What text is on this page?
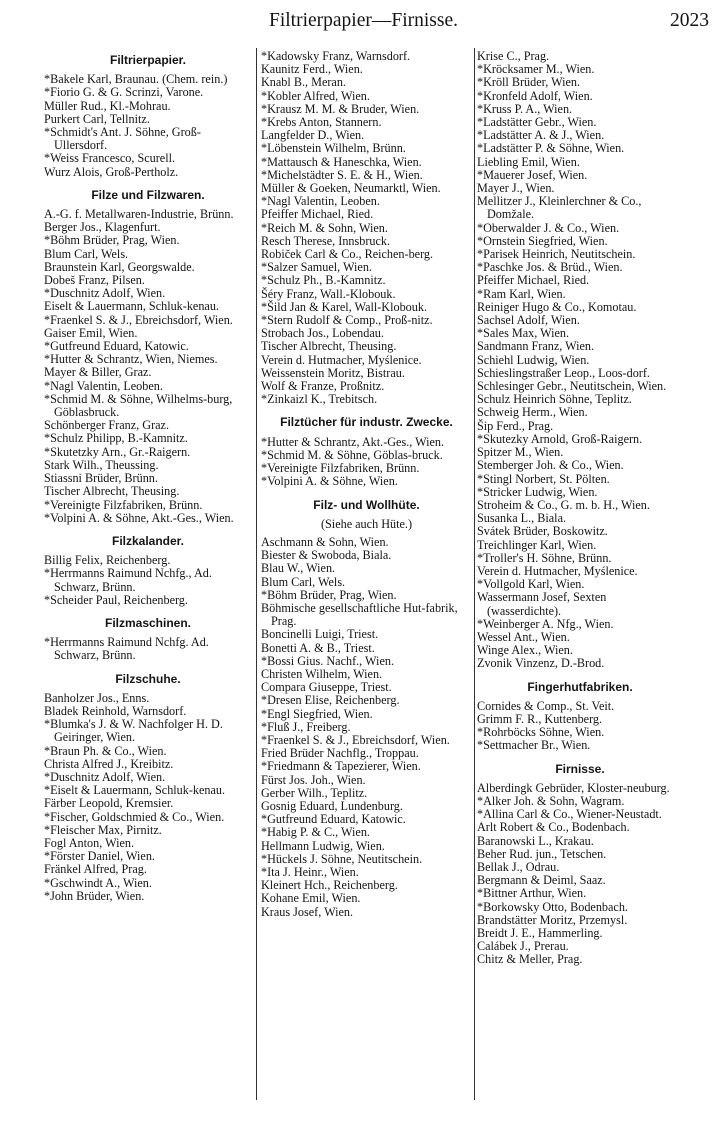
Filtrierpapier—Firnisse.	2023

Filtrierpapier.

*Bakele Karl, Braunau. (Chem. rein.)

*Fiorio G. & G. Scrinzi, Varone.

Müller Rud., Kl.-Mohrau.

Purkert Carl, Tellnitz.

*Schmidt's Ant. J. Söhne, Groß-Ullersdorf.

*Weiss Francesco, Scurell.

Wurz Alois, Groß-Pertholz.

Filze und Filzwaren.

A.-G. f. Metallwaren-Industrie, Brünn.

Berger Jos., Klagenfurt.

*Böhm Brüder, Prag, Wien.

Blum Carl, Wels.

Braunstein Karl, Georgswalde.

Dobeš Franz, Pilsen.

*Duschnitz Adolf, Wien.

Eiselt & Lauermann, Schluk-kenau.

*Fraenkel S. & J., Ebreichsdorf, Wien.

Gaiser Emil, Wien.

*Gutfreund Eduard, Katowic.

*Hutter & Schrantz, Wien, Niemes.

Mayer & Biller, Graz.

*Nagl Valentin, Leoben.

*Schmid M. & Söhne, Wilhelms-burg, Göblasbruck.

Schönberger Franz, Graz.

*Schulz Philipp, B.-Kamnitz.

*Skutetzky Arn., Gr.-Raigern.

Stark Wilh., Theussing.

Stiassni Brüder, Brünn.

Tischer Albrecht, Theusing.

*Vereinigte Filzfabriken, Brünn.

*Volpini A. & Söhne, Akt.-Ges., Wien.

Filzkalander.

Billig Felix, Reichenberg.

*Herrmanns Raimund Nchfg., Ad. Schwarz, Brünn.

*Scheider Paul, Reichenberg.

Filzmaschinen.

*Herrmanns Raimund Nchfg. Ad. Schwarz, Brünn.

Filzschuhe.

Banholzer Jos., Enns.

Bladek Reinhold, Warnsdorf.

*Blumka's J. & W. Nachfolger H. D. Geiringer, Wien.

*Braun Ph. & Co., Wien.

Christa Alfred J., Kreibitz.

*Duschnitz Adolf, Wien.

*Eiselt & Lauermann, Schluk-kenau.

Färber Leopold, Kremsier.

*Fischer, Goldschmied & Co., Wien.

*Fleischer Max, Pirnitz.

Fogl Anton, Wien.

*Förster Daniel, Wien.

Fränkel Alfred, Prag.

*Gschwindt A., Wien.

*John Brüder, Wien.

*Kadowsky Franz, Warnsdorf.

Kaunitz Ferd., Wien.

Knabl B., Meran.

*Kobler Alfred, Wien.

*Krausz M. M. & Bruder, Wien.

*Krebs Anton, Stannern.

Langfelder D., Wien.

*Löbenstein Wilhelm, Brünn.

*Mattausch & Haneschka, Wien.

*Michelstädter S. E. & H., Wien.

Müller & Goeken, Neumarktl, Wien.

*Nagl Valentin, Leoben.

Pfeiffer Michael, Ried.

*Reich M. & Sohn, Wien.

Resch Therese, Innsbruck.

Robiček Carl & Co., Reichen-berg.

*Salzer Samuel, Wien.

*Schulz Ph., B.-Kamnitz.

Šéry Franz, Wall.-Klobouk.

*Šild Jan & Karel, Wall-Klobouk.

*Stern Rudolf & Comp., Proß-nitz.

Strobach Jos., Lobendau.

Tischer Albrecht, Theusing.

Verein d. Hutmacher, Myślenice.

Weissenstein Moritz, Bistrau.

Wolf & Franze, Proßnitz.

*Zinkaizl K., Trebitsch.

Filztücher für industr. Zwecke.

*Hutter & Schrantz, Akt.-Ges., Wien.

*Schmid M. & Söhne, Göblas-bruck.

*Vereinigte Filzfabriken, Brünn.

*Volpini A. & Söhne, Wien.

Filz- und Wollhüte.

(Siehe auch Hüte.)

Aschmann & Sohn, Wien.

Biester & Swoboda, Biala.

Blau W., Wien.

Blum Carl, Wels.

*Böhm Brüder, Prag, Wien.

Böhmische gesellschaftliche Hut-fabrik, Prag.

Boncinelli Luigi, Triest.

Bonetti A. & B., Triest.

*Bossi Gius. Nachf., Wien.

Christen Wilhelm, Wien.

Compara Giuseppe, Triest.

*Dresen Elise, Reichenberg.

*Engl Siegfried, Wien.

*Fluß J., Freiberg.

*Fraenkel S. & J., Ebreichsdorf, Wien.

Fried Brüder Nachflg., Troppau.

*Friedmann & Tapezierer, Wien.

Fürst Jos. Joh., Wien.

Gerber Wilh., Teplitz.

Gosnig Eduard, Lundenburg.

*Gutfreund Eduard, Katowic.

*Habig P. & C., Wien.

Hellmann Ludwig, Wien.

*Hückels J. Söhne, Neutitschein.

*Ita J. Heinr., Wien.

Kleinert Hch., Reichenberg.

Kohane Emil, Wien.

Kraus Josef, Wien.

Krise C., Prag.

*Kröcksamer M., Wien.

*Kröll Brüder, Wien.

*Kronfeld Adolf, Wien.

*Kruss P. A., Wien.

*Ladstätter Gebr., Wien.

*Ladstätter A. & J., Wien.

*Ladstätter P. & Söhne, Wien.

Liebling Emil, Wien.

*Mauerer Josef, Wien.

Mayer J., Wien.

Mellitzer J., Kleinlerchner & Co., Domžale.

*Oberwalder J. & Co., Wien.

*Ornstein Siegfried, Wien.

*Parisek Heinrich, Neutitschein.

*Paschke Jos. & Brüd., Wien.

Pfeiffer Michael, Ried.

*Ram Karl, Wien.

Reiniger Hugo & Co., Komotau.

Sachsel Adolf, Wien.

*Sales Max, Wien.

Sandmann Franz, Wien.

Schiehl Ludwig, Wien.

Schieslingstraßer Leop., Loos-dorf.

Schlesinger Gebr., Neutitschein, Wien.

Schulz Heinrich Söhne, Teplitz.

Schweig Herm., Wien.

Šip Ferd., Prag.

*Skutezky Arnold, Groß-Raigern.

Spitzer M., Wien.

Stemberger Joh. & Co., Wien.

*Stingl Norbert, St. Pölten.

*Stricker Ludwig, Wien.

Stroheim & Co., G. m. b. H., Wien.

Susanka L., Biala.

Svátek Brüder, Boskowitz.

Treichlinger Karl, Wien.

*Troller's H. Söhne, Brünn.

Verein d. Hutmacher, Myślenice.

*Vollgold Karl, Wien.

Wassermann Josef, Sexten (wasserdichte).

*Weinberger A. Nfg., Wien.

Wessel Ant., Wien.

Winge Alex., Wien.

Zvonik Vinzenz, D.-Brod.

Fingerhutfabriken.

Cornides & Comp., St. Veit.

Grimm F. R., Kuttenberg.

*Rohrböcks Söhne, Wien.

*Settmacher Br., Wien.

Firnisse.

Alberdingk Gebrüder, Kloster-neuburg.

*Alker Joh. & Sohn, Wagram.

*Allina Carl & Co., Wiener-Neustadt.

Arlt Robert & Co., Bodenbach.

Baranowski L., Krakau.

Beher Rud. jun., Tetschen.

Bellak J., Odrau.

Bergmann & Deiml, Saaz.

*Bittner Arthur, Wien.

*Borkowsky Otto, Bodenbach.

Brandstätter Moritz, Przemysl.

Breidt J. E., Hammerling.

Calábek J., Prerau.

Chitz & Meller, Prag.
